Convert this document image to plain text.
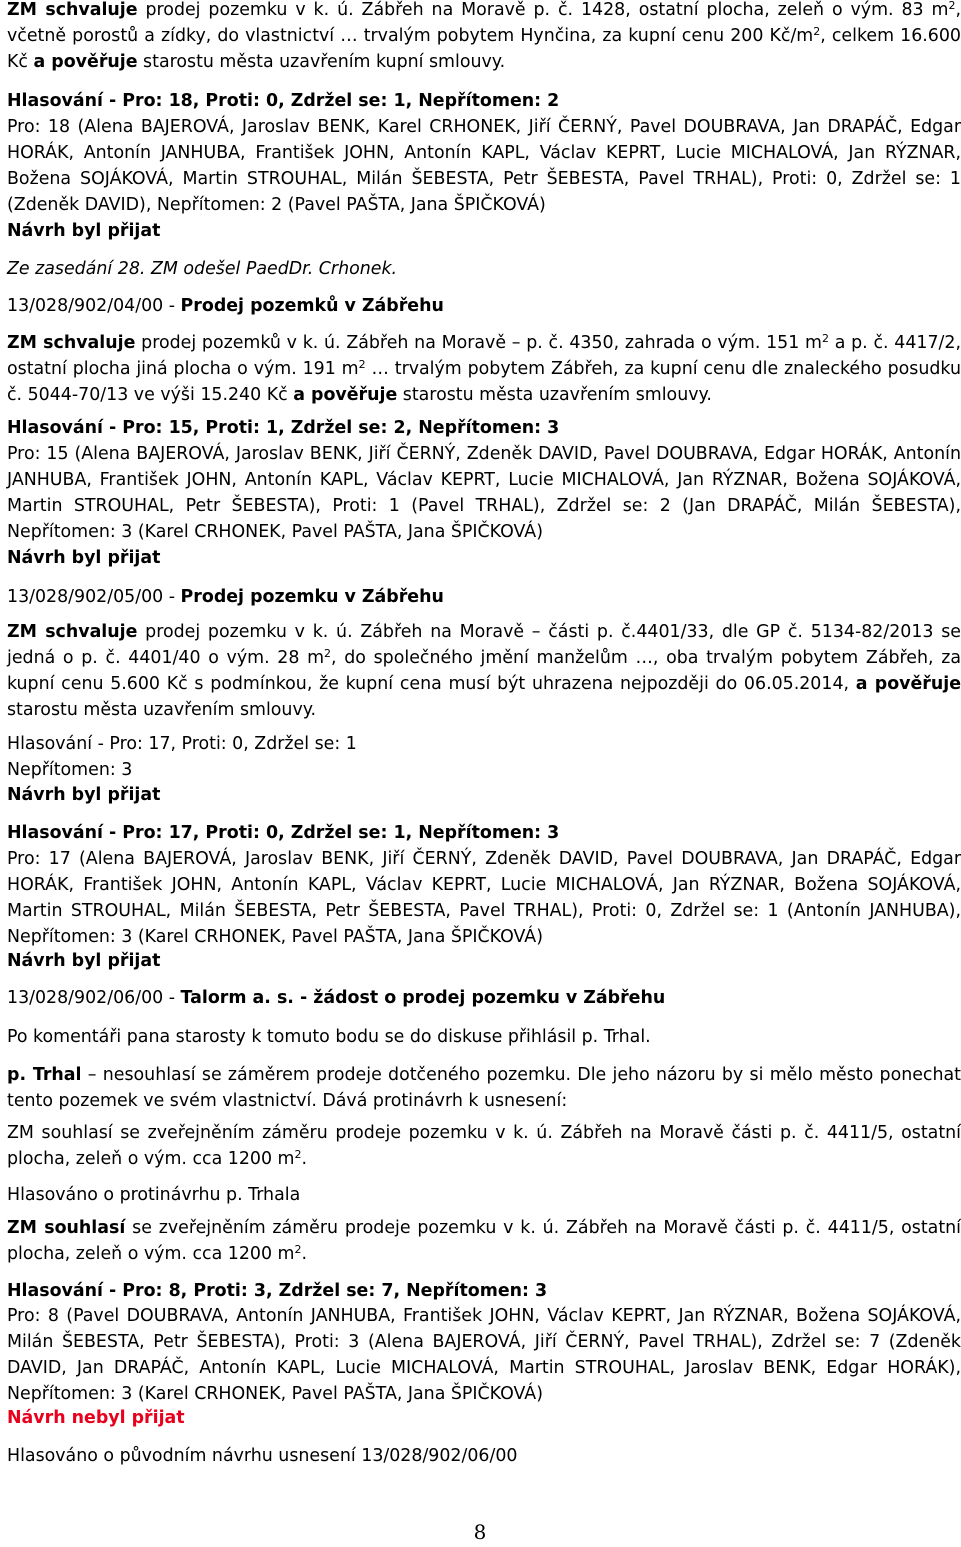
ZM schvaluje prodej pozemku v k. ú. Zábřeh na Moravě p. č. 1428, ostatní plocha, zeleň o vým. 83 $m^2$, včetně porostů a zídky, do vlastnictví … trvalým pobytem Hynčina, za kupní cenu 200 $Kč/m^2$, celkem 16.600 Kč a pověřuje starostu města uzavřením kupní smlouvy.

Hlasování - Pro: 18, Proti: 0, Zdržel se: 1, Nepřítomen: 2

Pro: 18 (Alena BAJEROVÁ, Jaroslav BENK, Karel CRHONEK, Jiří ČERNÝ, Pavel DOUBRAVA, Jan DRAPÁČ, Edgar HORÁK, Antonín JANHUBA, František JOHN, Antonín KAPL, Václav KEPRT, Lucie MICHALOVÁ, Jan RÝZNAR, Božena SOJÁKOVÁ, Martin STROUHAL, Milán ŠEBESTA, Petr ŠEBESTA, Pavel TRHAL), Proti: 0, Zdržel se: 1 (Zdeněk DAVID), Nepřítomen: 2 (Pavel PAŠTA, Jana ŠPIČKOVÁ)

Návrh byl přijat

Ze zasedání 28. ZM odešel PaedDr. Crhonek.

13/028/902/04/00 - Prodej pozemků v Zábřehu

ZM schvaluje prodej pozemků v k. ú. Zábřeh na Moravě – p. č. 4350, zahrada o vým. 151 $m^2$ a p. č. 4417/2, ostatní plocha jiná plocha o vým. 191 $m^2$ … trvalým pobytem Zábřeh, za kupní cenu dle znaleckého posudku č. 5044-70/13 ve výši 15.240 Kč a pověřuje starostu města uzavřením smlouvy.

Hlasování - Pro: 15, Proti: 1, Zdržel se: 2, Nepřítomen: 3

Pro: 15 (Alena BAJEROVÁ, Jaroslav BENK, Jiří ČERNÝ, Zdeněk DAVID, Pavel DOUBRAVA, Edgar HORÁK, Antonín JANHUBA, František JOHN, Antonín KAPL, Václav KEPRT, Lucie MICHALOVÁ, Jan RÝZNAR, Božena SOJÁKOVÁ, Martin STROUHAL, Petr ŠEBESTA), Proti: 1 (Pavel TRHAL), Zdržel se: 2 (Jan DRAPÁČ, Milán ŠEBESTA), Nepřítomen: 3 (Karel CRHONEK, Pavel PAŠTA, Jana ŠPIČKOVÁ)

Návrh byl přijat

13/028/902/05/00 - Prodej pozemku v Zábřehu

ZM schvaluje prodej pozemku v k. ú. Zábřeh na Moravě – části p. č.4401/33, dle GP č. 5134-82/2013 se jedná o p. č. 4401/40 o vým. 28 $m^2$, do společného jmění manželům …, oba trvalým pobytem Zábřeh, za kupní cenu 5.600 Kč s podmínkou, že kupní cena musí být uhrazena nejpozději do 06.05.2014, a pověřuje starostu města uzavřením smlouvy.

Hlasování - Pro: 17, Proti: 0, Zdržel se: 1

Nepřítomen: 3

Návrh byl přijat

Hlasování - Pro: 17, Proti: 0, Zdržel se: 1, Nepřítomen: 3

Pro: 17 (Alena BAJEROVÁ, Jaroslav BENK, Jiří ČERNÝ, Zdeněk DAVID, Pavel DOUBRAVA, Jan DRAPÁČ, Edgar HORÁK, František JOHN, Antonín KAPL, Václav KEPRT, Lucie MICHALOVÁ, Jan RÝZNAR, Božena SOJÁKOVÁ, Martin STROUHAL, Milán ŠEBESTA, Petr ŠEBESTA, Pavel TRHAL), Proti: 0, Zdržel se: 1 (Antonín JANHUBA), Nepřítomen: 3 (Karel CRHONEK, Pavel PAŠTA, Jana ŠPIČKOVÁ)

Návrh byl přijat

13/028/902/06/00 - Talorm a. s. - žádost o prodej pozemku v Zábřehu

Po komentáři pana starosty k tomuto bodu se do diskuse přihlásil p. Trhal.

p. Trhal – nesouhlasí se záměrem prodeje dotčeného pozemku. Dle jeho názoru by si mělo město ponechat tento pozemek ve svém vlastnictví. Dává protinávrh k usnesení:

ZM souhlasí se zveřejněním záměru prodeje pozemku v k. ú. Zábřeh na Moravě části p. č. 4411/5, ostatní plocha, zeleň o vým. cca 1200 $m^2$.

Hlasováno o protinávrhu p. Trhala

ZM souhlasí se zveřejněním záměru prodeje pozemku v k. ú. Zábřeh na Moravě části p. č. 4411/5, ostatní plocha, zeleň o vým. cca 1200 $m^2$.

Hlasování - Pro: 8, Proti: 3, Zdržel se: 7, Nepřítomen: 3

Pro: 8 (Pavel DOUBRAVA, Antonín JANHUBA, František JOHN, Václav KEPRT, Jan RÝZNAR, Božena SOJÁKOVÁ, Milán ŠEBESTA, Petr ŠEBESTA), Proti: 3 (Alena BAJEROVÁ, Jiří ČERNÝ, Pavel TRHAL), Zdržel se: 7 (Zdeněk DAVID, Jan DRAPÁČ, Antonín KAPL, Lucie MICHALOVÁ, Martin STROUHAL, Jaroslav BENK, Edgar HORÁK), Nepřítomen: 3 (Karel CRHONEK, Pavel PAŠTA, Jana ŠPIČKOVÁ)

Návrh nebyl přijat

Hlasováno o původním návrhu usnesení 13/028/902/06/00

8
